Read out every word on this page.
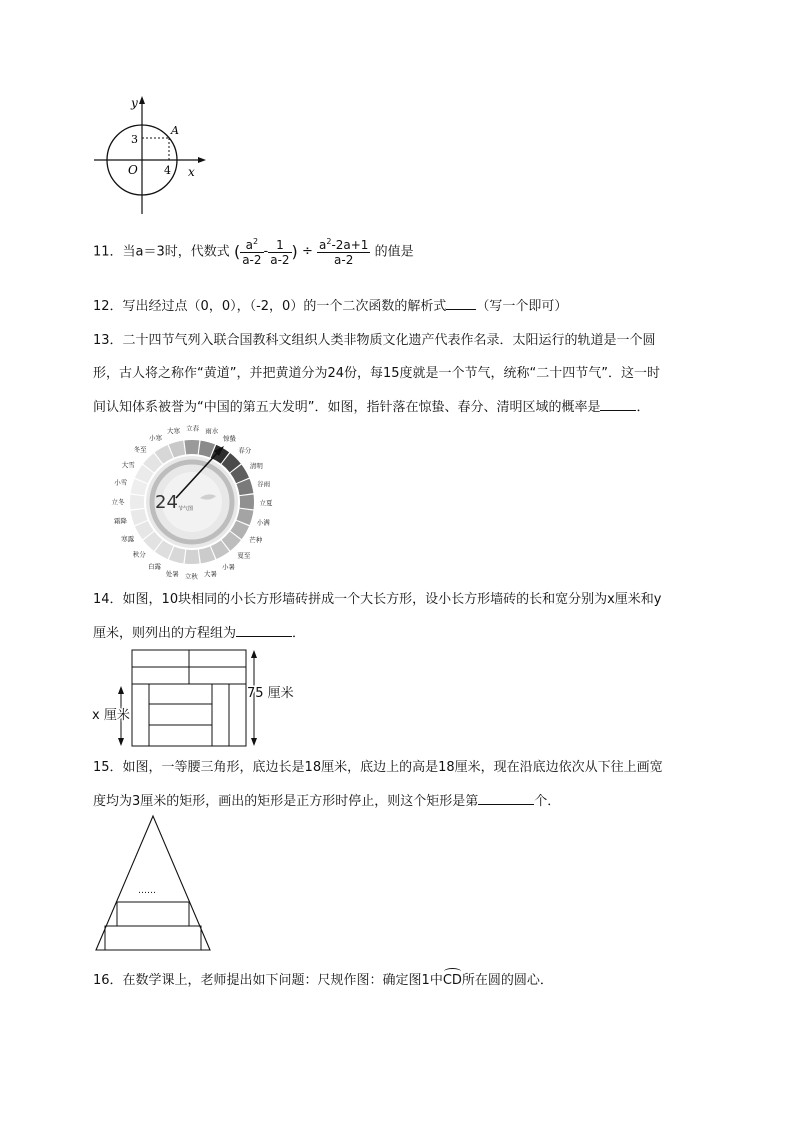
y
x
A
O
3
4
11．当a＝3时，代数式 ( $\frac{a^2}{a-2} - \frac{1}{a-2}$ ) ÷ $\frac{a^2-2a+1}{a-2}$ 的值是
12．写出经过点（0，0），（-2，0）的一个二次函数的解析式 （写一个即可）
13．二十四节气列入联合国教科文组织人类非物质文化遗产代表作名录．太阳运行的轨道是一个圆
形，古人将之称作“黄道”，并把黄道分为24份，每15度就是一个节气，统称“二十四节气”．这一时
间认知体系被誉为“中国的第五大发明”．如图，指针落在惊蛰、春分、清明区域的概率是	．
24 节气图
立春 雨水
惊蛰
春分
清明
谷雨
立夏
小满
芒种
夏至
小暑
大暑
立秋
处暑
白露
秋分
寒露
霜降
立冬
小雪
大雪
冬至
小寒
大寒
14．如图，10块相同的小长方形墙砖拼成一个大长方形，设小长方形墙砖的长和宽分别为x厘米和y
厘米，则列出的方程组为	．
75 厘米
x 厘米
15．如图，一等腰三角形，底边长是18厘米，底边上的高是18厘米，现在沿底边依次从下往上画宽
度均为3厘米的矩形，画出的矩形是正方形时停止，则这个矩形是第	个．
……
16．在数学课上，老师提出如下问题：尺规作图：确定图1中CD所在圆的圆心．
